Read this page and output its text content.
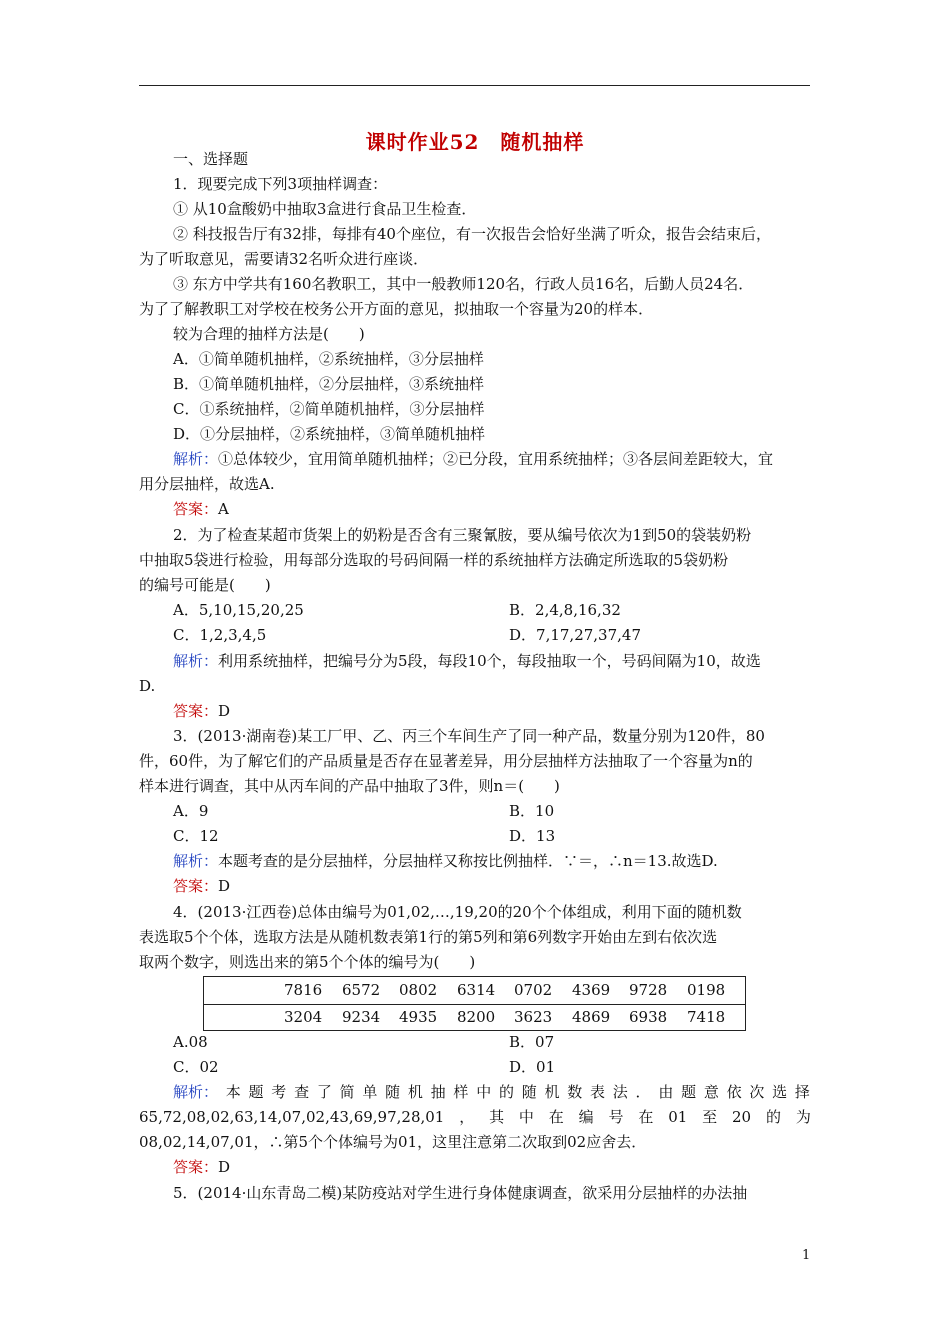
课时作业52　随机抽样
一、选择题
1．现要完成下列3项抽样调查：
① 从10盒酸奶中抽取3盒进行食品卫生检查．
② 科技报告厅有32排，每排有40个座位，有一次报告会恰好坐满了听众，报告会结束后，
为了听取意见，需要请32名听众进行座谈．
③ 东方中学共有160名教职工，其中一般教师120名，行政人员16名，后勤人员24名．
为了了解教职工对学校在校务公开方面的意见，拟抽取一个容量为20的样本．
较为合理的抽样方法是(　　)
A．①简单随机抽样，②系统抽样，③分层抽样
B．①简单随机抽样，②分层抽样，③系统抽样
C．①系统抽样，②简单随机抽样，③分层抽样
D．①分层抽样，②系统抽样，③简单随机抽样
解析：①总体较少，宜用简单随机抽样；②已分段，宜用系统抽样；③各层间差距较大，宜
用分层抽样，故选A.
答案：A
2．为了检查某超市货架上的奶粉是否含有三聚氰胺，要从编号依次为1到50的袋装奶粉
中抽取5袋进行检验，用每部分选取的号码间隔一样的系统抽样方法确定所选取的5袋奶粉
的编号可能是(　　)
A．5,10,15,20,25	B．2,4,8,16,32
C．1,2,3,4,5	D．7,17,27,37,47
解析：利用系统抽样，把编号分为5段，每段10个，每段抽取一个，号码间隔为10，故选
D.
答案：D
3．(2013·湖南卷)某工厂甲、乙、丙三个车间生产了同一种产品，数量分别为120件，80
件，60件，为了解它们的产品质量是否存在显著差异，用分层抽样方法抽取了一个容量为n的
样本进行调查，其中从丙车间的产品中抽取了3件，则n＝(　　)
A．9	B．10
C．12	D．13
解析：本题考查的是分层抽样，分层抽样又称按比例抽样．∵＝，∴n＝13.故选D.
答案：D
4．(2013·江西卷)总体由编号为01,02,…,19,20的20个个体组成，利用下面的随机数
表选取5个个体，选取方法是从随机数表第1行的第5列和第6列数字开始由左到右依次选
取两个数字，则选出来的第5个个体的编号为(　　)
7816 6572 0802 6314 0702 4369 9728 0198
3204 9234 4935 8200 3623 4869 6938 7418
A.08	B．07
C．02	D．01
解析： 本 题 考 查 了 简 单 随 机 抽 样 中 的 随 机 数 表 法 ． 由 题 意 依 次 选 择
65,72,08,02,63,14,07,02,43,69,97,28,01 ， 其 中 在 编 号 在 01 至 20 的 为
08,02,14,07,01，∴第5个个体编号为01，这里注意第二次取到02应舍去．
答案：D
5．(2014·山东青岛二模)某防疫站对学生进行身体健康调查，欲采用分层抽样的办法抽
1
